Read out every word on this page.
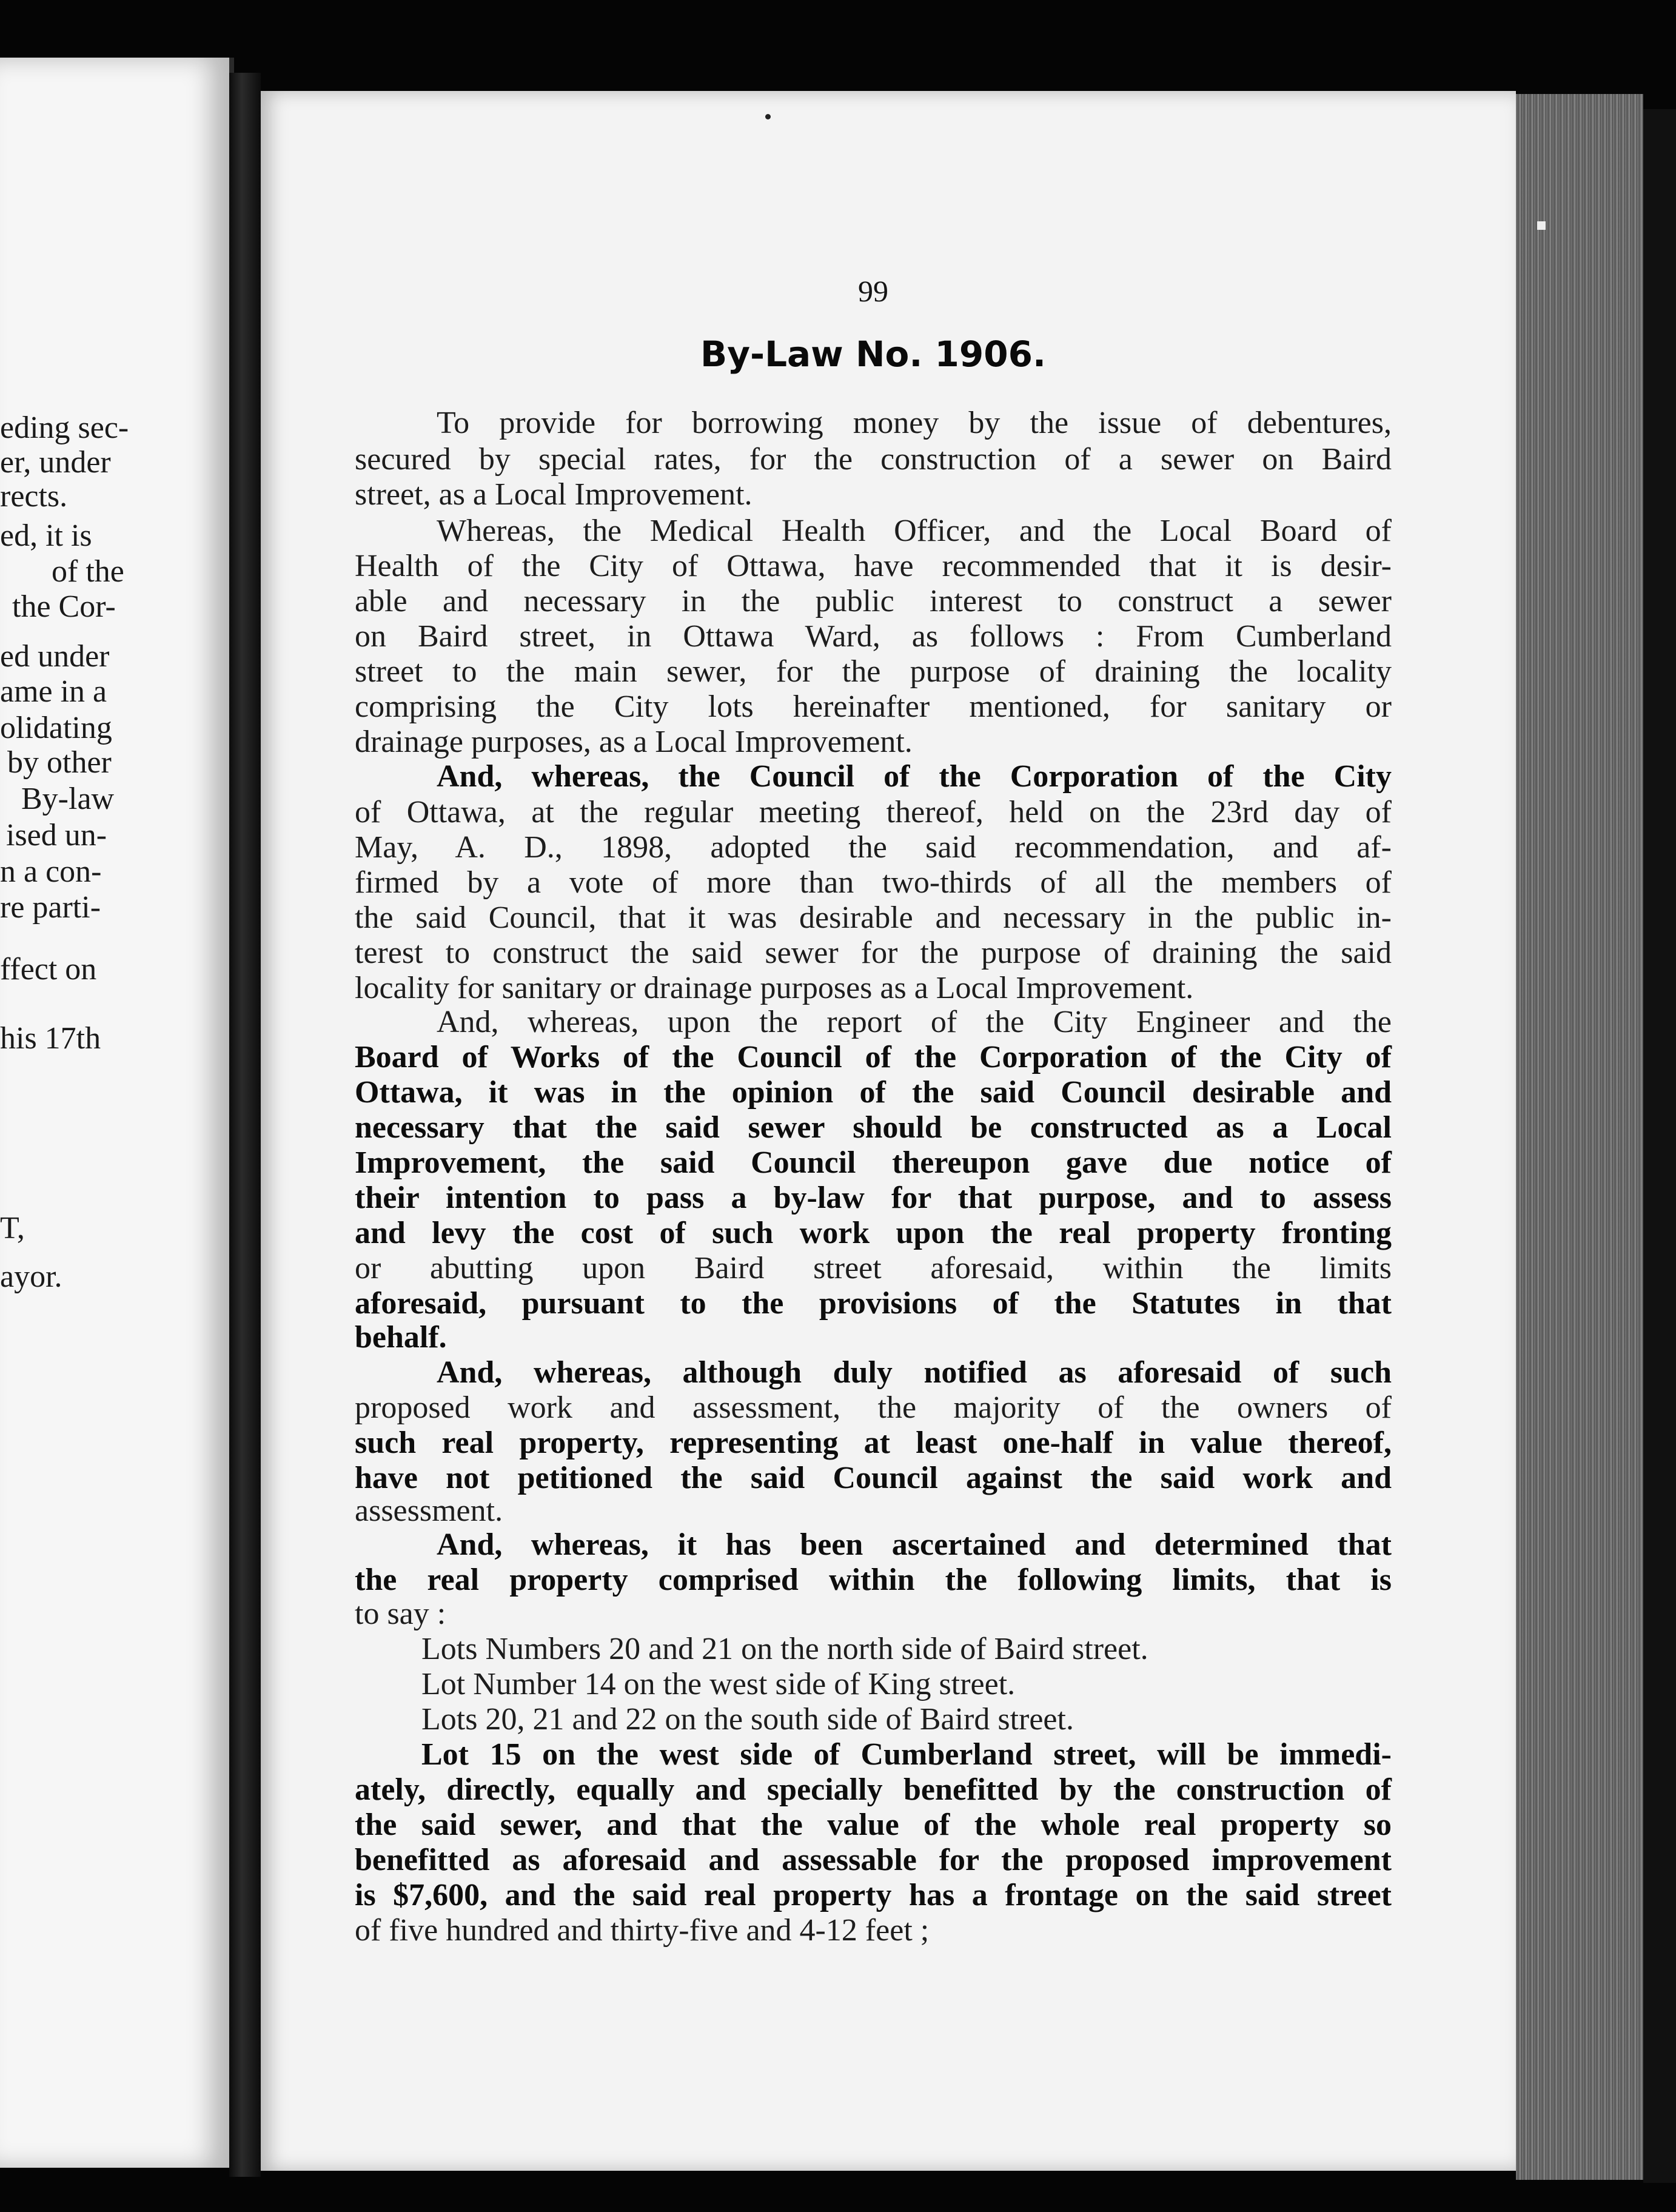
eding sec-
er, under
rects.
ed, it is
of the
the Cor-
ed under
ame in a
olidating
by other
By-law
ised un-
n a con-
re parti-
ffect on
his 17th
T,
ayor.
99
By-Law No. 1906.
To provide for borrowing money by the issue of debentures,
secured by special rates, for the construction of a sewer on Baird
street, as a Local Improvement.
Whereas, the Medical Health Officer, and the Local Board of
Health of the City of Ottawa, have recommended that it is desir-
able and necessary in the public interest to construct a sewer
on Baird street, in Ottawa Ward, as follows : From Cumberland
street to the main sewer, for the purpose of draining the locality
comprising the City lots hereinafter mentioned, for sanitary or
drainage purposes, as a Local Improvement.
And, whereas, the Council of the Corporation of the City
of Ottawa, at the regular meeting thereof, held on the 23rd day of
May, A. D., 1898, adopted the said recommendation, and af-
firmed by a vote of more than two-thirds of all the members of
the said Council, that it was desirable and necessary in the public in-
terest to construct the said sewer for the purpose of draining the said
locality for sanitary or drainage purposes as a Local Improvement.
And, whereas, upon the report of the City Engineer and the
Board of Works of the Council of the Corporation of the City of
Ottawa, it was in the opinion of the said Council desirable and
necessary that the said sewer should be constructed as a Local
Improvement, the said Council thereupon gave due notice of
their intention to pass a by-law for that purpose, and to assess
and levy the cost of such work upon the real property fronting
or abutting upon Baird street aforesaid, within the limits
aforesaid, pursuant to the provisions of the Statutes in that
behalf.
And, whereas, although duly notified as aforesaid of such
proposed work and assessment, the majority of the owners of
such real property, representing at least one-half in value thereof,
have not petitioned the said Council against the said work and
assessment.
And, whereas, it has been ascertained and determined that
the real property comprised within the following limits, that is
to say :
Lots Numbers 20 and 21 on the north side of Baird street.
Lot Number 14 on the west side of King street.
Lots 20, 21 and 22 on the south side of Baird street.
Lot 15 on the west side of Cumberland street, will be immedi-
ately, directly, equally and specially benefitted by the construction of
the said sewer, and that the value of the whole real property so
benefitted as aforesaid and assessable for the proposed improvement
is $7,600, and the said real property has a frontage on the said street
of five hundred and thirty-five and 4-12 feet ;
